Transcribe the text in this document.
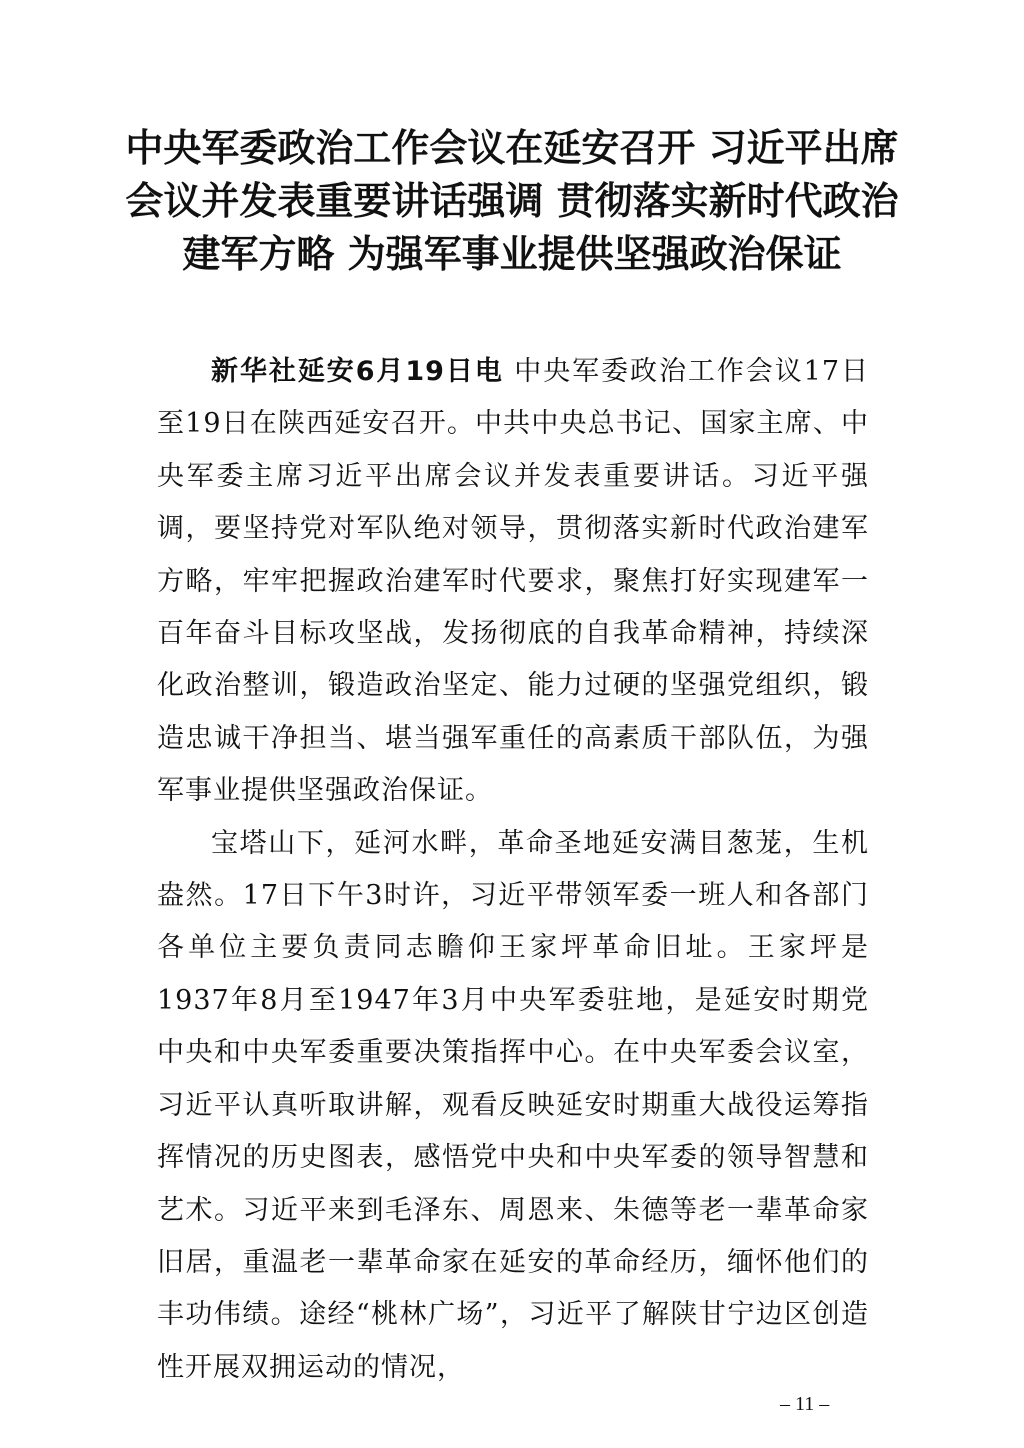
中央军委政治工作会议在延安召开 习近平出席
会议并发表重要讲话强调 贯彻落实新时代政治
建军方略 为强军事业提供坚强政治保证

新华社延安6月19日电 中央军委政治工作会议17日至19日在陕西延安召开。中共中央总书记、国家主席、中央军委主席习近平出席会议并发表重要讲话。习近平强调，要坚持党对军队绝对领导，贯彻落实新时代政治建军方略，牢牢把握政治建军时代要求，聚焦打好实现建军一百年奋斗目标攻坚战，发扬彻底的自我革命精神，持续深化政治整训，锻造政治坚定、能力过硬的坚强党组织，锻造忠诚干净担当、堪当强军重任的高素质干部队伍，为强军事业提供坚强政治保证。

宝塔山下，延河水畔，革命圣地延安满目葱茏，生机盎然。17日下午3时许，习近平带领军委一班人和各部门各单位主要负责同志瞻仰王家坪革命旧址。王家坪是1937年8月至1947年3月中央军委驻地，是延安时期党中央和中央军委重要决策指挥中心。在中央军委会议室，习近平认真听取讲解，观看反映延安时期重大战役运筹指挥情况的历史图表，感悟党中央和中央军委的领导智慧和艺术。习近平来到毛泽东、周恩来、朱德等老一辈革命家旧居，重温老一辈革命家在延安的革命经历，缅怀他们的丰功伟绩。途经“桃林广场”，习近平了解陕甘宁边区创造性开展双拥运动的情况，

– 11 –
